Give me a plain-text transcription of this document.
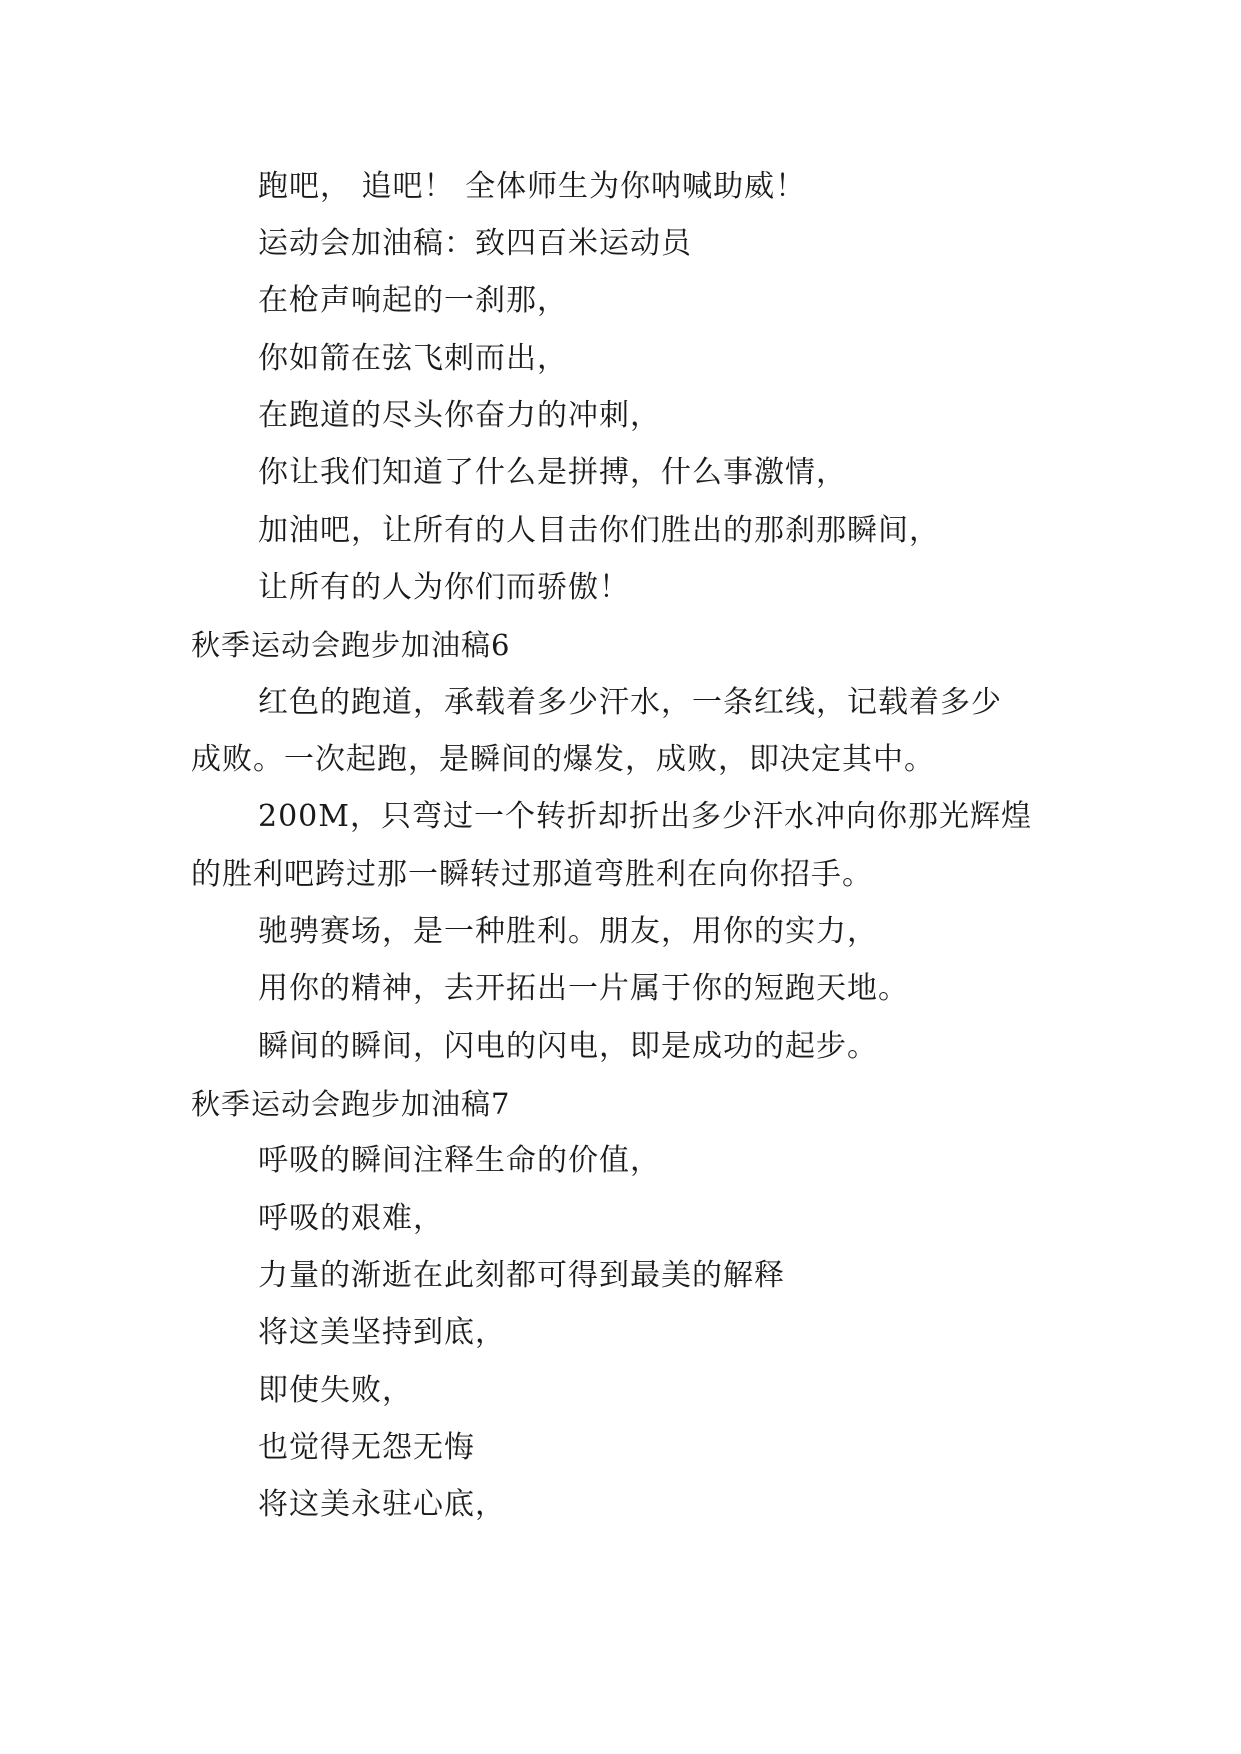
跑吧， 追吧！ 全体师生为你呐喊助威！
运动会加油稿：致四百米运动员
在枪声响起的一刹那，
你如箭在弦飞刺而出，
在跑道的尽头你奋力的冲刺，
你让我们知道了什么是拼搏，什么事激情，
加油吧，让所有的人目击你们胜出的那刹那瞬间，
让所有的人为你们而骄傲！
秋季运动会跑步加油稿6
红色的跑道，承载着多少汗水，一条红线，记载着多少
成败。一次起跑，是瞬间的爆发，成败，即决定其中。
200M，只弯过一个转折却折出多少汗水冲向你那光辉煌
的胜利吧跨过那一瞬转过那道弯胜利在向你招手。
驰骋赛场，是一种胜利。朋友，用你的实力，
用你的精神，去开拓出一片属于你的短跑天地。
瞬间的瞬间，闪电的闪电，即是成功的起步。
秋季运动会跑步加油稿7
呼吸的瞬间注释生命的价值，
呼吸的艰难，
力量的渐逝在此刻都可得到最美的解释
将这美坚持到底，
即使失败，
也觉得无怨无悔
将这美永驻心底，
